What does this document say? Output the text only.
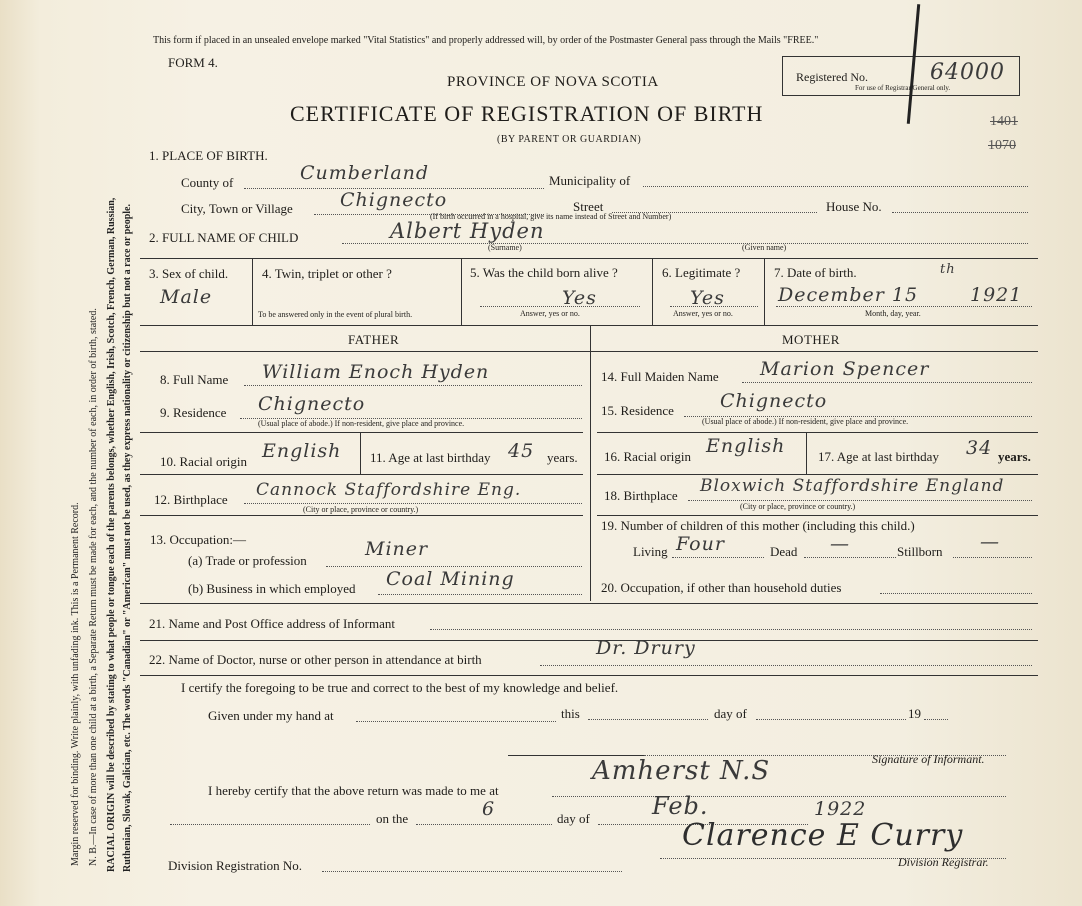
Margin reserved for binding. Write plainly, with unfading ink. This is a Permanent Record. N. B.—In case of more than one child at a birth, a Separate Return must be made for each, and the number of each, in order of birth, stated. RACIAL ORIGIN will be described by stating to what people or tongue each of the parents belongs, whether English, Irish, Scotch, French, German, Russian, Ruthenian, Slovak, Galician, etc. The words "Canadian" or "American" must not be used, as they express nationality or citizenship but not a race or people.
This form if placed in an unsealed envelope marked "Vital Statistics" and properly addressed will, by order of the Postmaster General pass through the Mails "FREE."
FORM 4.
PROVINCE OF NOVA SCOTIA
CERTIFICATE OF REGISTRATION OF BIRTH
(BY PARENT OR GUARDIAN)
Registered No.	64000
For use of Registrar General only.
1401
1070
1. PLACE OF BIRTH.
County of	Cumberland	Municipality of
City, Town or Village Chignecto	Street	House No.
(If birth occurred in a hospital, give its name instead of Street and Number)
2. FULL NAME OF CHILD	Albert Hyden
(Surname)	(Given name)
3. Sex of child.
Male
4. Twin, triplet or other ?
To be answered only in the event of plural birth.
5. Was the child born alive ?
Yes
Answer, yes or no.
6. Legitimate ?
Yes
Answer, yes or no.
7. Date of birth.
December 15
th
1921
Month, day, year.
FATHER	MOTHER
8. Full Name William Enoch Hyden
9. Residence Chignecto
(Usual place of abode.) If non-resident, give place and province.
10. Racial origin English 11. Age at last birthday 45 years.
12. Birthplace Cannock Staffordshire Eng.
(City or place, province or country.)
13. Occupation:—
(a) Trade or profession
Miner
(b) Business in which employed Coal Mining
14. Full Maiden Name Marion Spencer
15. Residence Chignecto
(Usual place of abode.) If non-resident, give place and province.
16. Racial origin English	17. Age at last birthday 34 years.
18. Birthplace Bloxwich Staffordshire England
(City or place, province or country.)
19. Number of children of this mother (including this child.)
Living Four	Dead —	Stillborn —
20. Occupation, if other than household duties
21. Name and Post Office address of Informant
22. Name of Doctor, nurse or other person in attendance at birth
Dr. Drury
I certify the foregoing to be true and correct to the best of my knowledge and belief.
Given under my hand at	this	day of	19
Signature of Informant.
I hereby certify that the above return was made to me at
Amherst N.S
on the	6	day of	Feb.	1922
Division Registration No.
Clarence E Curry
Division Registrar.
